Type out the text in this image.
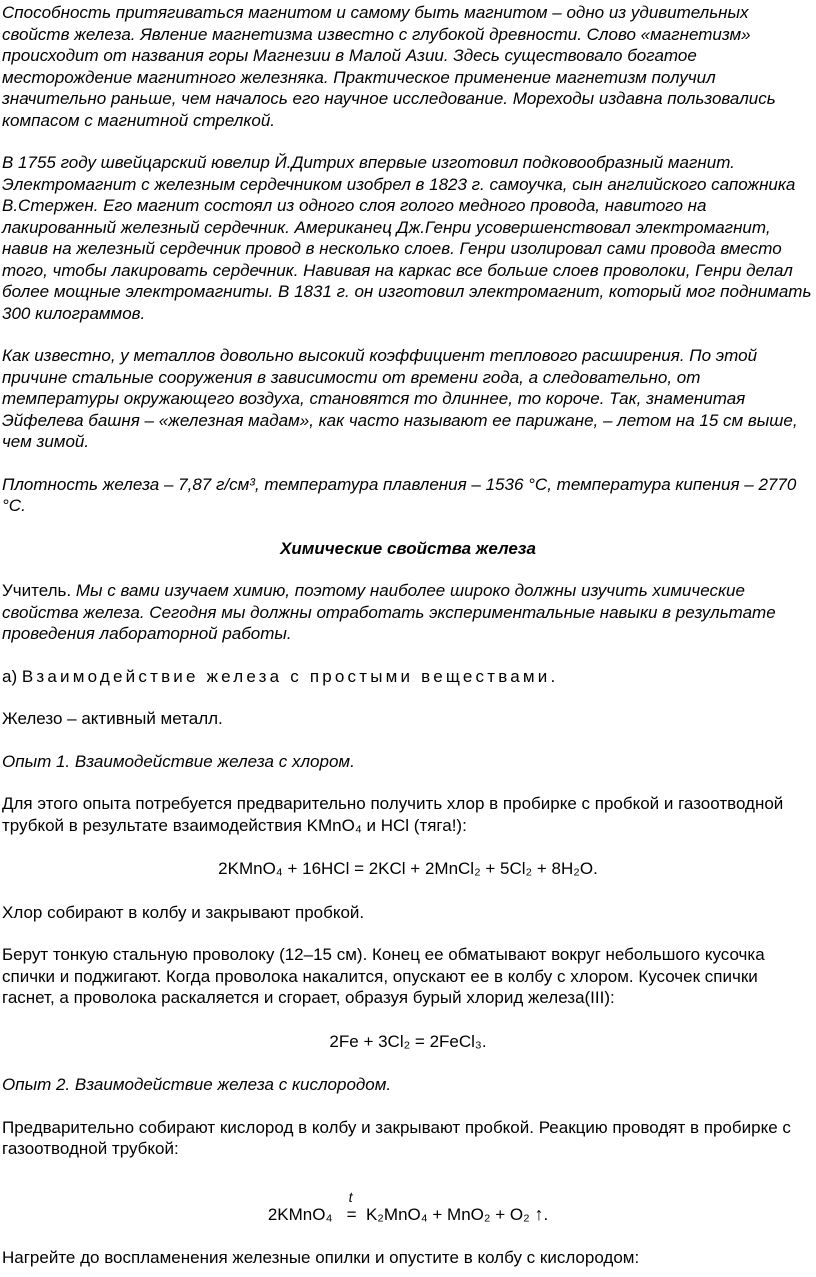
Способность притягиваться магнитом и самому быть магнитом – одно из удивительных свойств железа. Явление магнетизма известно с глубокой древности. Слово «магнетизм» происходит от названия горы Магнезии в Малой Азии. Здесь существовало богатое месторождение магнитного железняка. Практическое применение магнетизм получил значительно раньше, чем началось его научное исследование. Мореходы издавна пользовались компасом с магнитной стрелкой.

В 1755 году швейцарский ювелир Й.Дитрих впервые изготовил подковообразный магнит. Электромагнит с железным сердечником изобрел в 1823 г. самоучка, сын английского сапожника В.Стержен. Его магнит состоял из одного слоя голого медного провода, навитого на лакированный железный сердечник. Американец Дж.Генри усовершенствовал электромагнит, навив на железный сердечник провод в несколько слоев. Генри изолировал сами провода вместо того, чтобы лакировать сердечник. Навивая на каркас все больше слоев проволоки, Генри делал более мощные электромагниты. В 1831 г. он изготовил электромагнит, который мог поднимать 300 килограммов.

Как известно, у металлов довольно высокий коэффициент теплового расширения. По этой причине стальные сооружения в зависимости от времени года, а следовательно, от температуры окружающего воздуха, становятся то длиннее, то короче. Так, знаменитая Эйфелева башня – «железная мадам», как часто называют ее парижане, – летом на 15 см выше, чем зимой.

Плотность железа – 7,87 г/см³, температура плавления – 1536 °С, температура кипения – 2770 °С.

Химические свойства железа

Учитель. Мы с вами изучаем химию, поэтому наиболее широко должны изучить химические свойства железа. Сегодня мы должны отработать экспериментальные навыки в результате проведения лабораторной работы.

а) Взаимодействие железа с простыми веществами.

Железо – активный металл.

Опыт 1. Взаимодействие железа с хлором.

Для этого опыта потребуется предварительно получить хлор в пробирке с пробкой и газоотводной трубкой в результате взаимодействия KMnO₄ и HCl (тяга!):

2KMnO₄ + 16HCl = 2KCl + 2MnCl₂ + 5Cl₂ + 8H₂O.

Хлор собирают в колбу и закрывают пробкой.

Берут тонкую стальную проволоку (12–15 см). Конец ее обматывают вокруг небольшого кусочка спички и поджигают. Когда проволока накалится, опускают ее в колбу с хлором. Кусочек спички гаснет, а проволока раскаляется и сгорает, образуя бурый хлорид железа(III):

2Fe + 3Cl₂ = 2FeCl₃.

Опыт 2. Взаимодействие железа с кислородом.

Предварительно собирают кислород в колбу и закрывают пробкой. Реакцию проводят в пробирке с газоотводной трубкой:

2KMnO₄
t
= K₂MnO₄ + MnO₂ + O₂ ↑.

Нагрейте до воспламенения железные опилки и опустите в колбу с кислородом:
